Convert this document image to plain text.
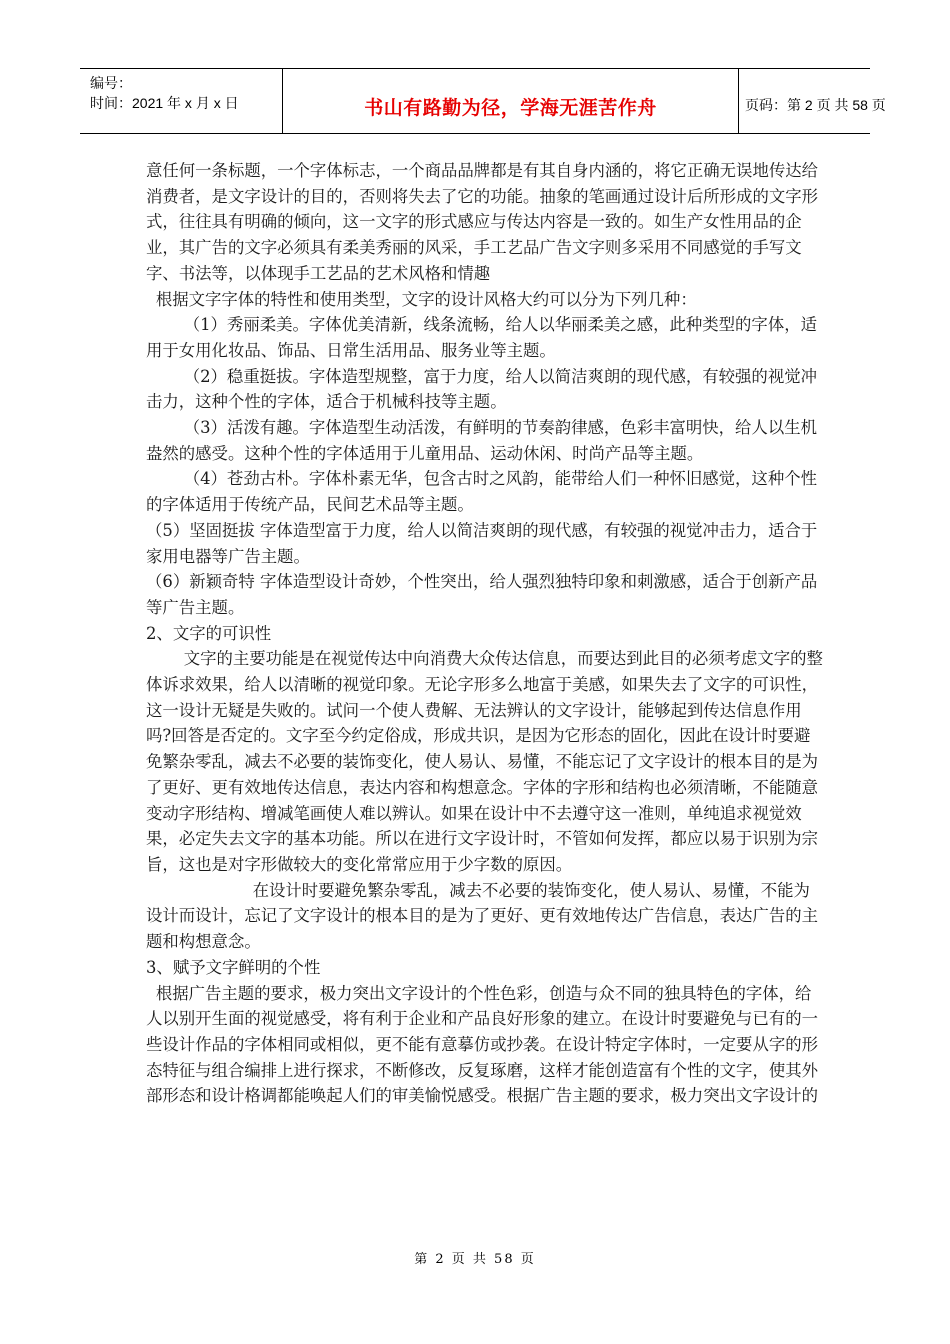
编号：
时间：2021 年 x 月 x 日	书山有路勤为径，学海无涯苦作舟	页码：第 2 页 共 58 页

意任何一条标题，一个字体标志，一个商品品牌都是有其自身内涵的，将它正确无误地传达给消费者，是文字设计的目的，否则将失去了它的功能。抽象的笔画通过设计后所形成的文字形式，往往具有明确的倾向，这一文字的形式感应与传达内容是一致的。如生产女性用品的企业，其广告的文字必须具有柔美秀丽的风采，手工艺品广告文字则多采用不同感觉的手写文字、书法等，以体现手工艺品的艺术风格和情趣

根据文字字体的特性和使用类型，文字的设计风格大约可以分为下列几种：

（1）秀丽柔美。字体优美清新，线条流畅，给人以华丽柔美之感，此种类型的字体，适用于女用化妆品、饰品、日常生活用品、服务业等主题。

（2）稳重挺拔。字体造型规整，富于力度，给人以简洁爽朗的现代感，有较强的视觉冲击力，这种个性的字体，适合于机械科技等主题。

（3）活泼有趣。字体造型生动活泼，有鲜明的节奏韵律感，色彩丰富明快，给人以生机盎然的感受。这种个性的字体适用于儿童用品、运动休闲、时尚产品等主题。

（4）苍劲古朴。字体朴素无华，包含古时之风韵，能带给人们一种怀旧感觉，这种个性的字体适用于传统产品，民间艺术品等主题。

（5）坚固挺拔 字体造型富于力度，给人以简洁爽朗的现代感，有较强的视觉冲击力，适合于家用电器等广告主题。

（6）新颖奇特 字体造型设计奇妙，个性突出，给人强烈独特印象和刺激感，适合于创新产品等广告主题。

2、文字的可识性

文字的主要功能是在视觉传达中向消费大众传达信息，而要达到此目的必须考虑文字的整体诉求效果，给人以清晰的视觉印象。无论字形多么地富于美感，如果失去了文字的可识性，这一设计无疑是失败的。试问一个使人费解、无法辨认的文字设计，能够起到传达信息作用吗?回答是否定的。文字至今约定俗成，形成共识，是因为它形态的固化，因此在设计时要避免繁杂零乱，减去不必要的装饰变化，使人易认、易懂，不能忘记了文字设计的根本目的是为了更好、更有效地传达信息，表达内容和构想意念。字体的字形和结构也必须清晰，不能随意变动字形结构、增减笔画使人难以辨认。如果在设计中不去遵守这一准则，单纯追求视觉效果，必定失去文字的基本功能。所以在进行文字设计时，不管如何发挥，都应以易于识别为宗旨，这也是对字形做较大的变化常常应用于少字数的原因。

在设计时要避免繁杂零乱，减去不必要的装饰变化，使人易认、易懂，不能为设计而设计，忘记了文字设计的根本目的是为了更好、更有效地传达广告信息，表达广告的主题和构想意念。

3、赋予文字鲜明的个性

根据广告主题的要求，极力突出文字设计的个性色彩，创造与众不同的独具特色的字体，给人以别开生面的视觉感受，将有利于企业和产品良好形象的建立。在设计时要避免与已有的一些设计作品的字体相同或相似，更不能有意摹仿或抄袭。在设计特定字体时，一定要从字的形态特征与组合编排上进行探求，不断修改，反复琢磨，这样才能创造富有个性的文字，使其外部形态和设计格调都能唤起人们的审美愉悦感受。根据广告主题的要求，极力突出文字设计的

第 2 页 共 58 页
